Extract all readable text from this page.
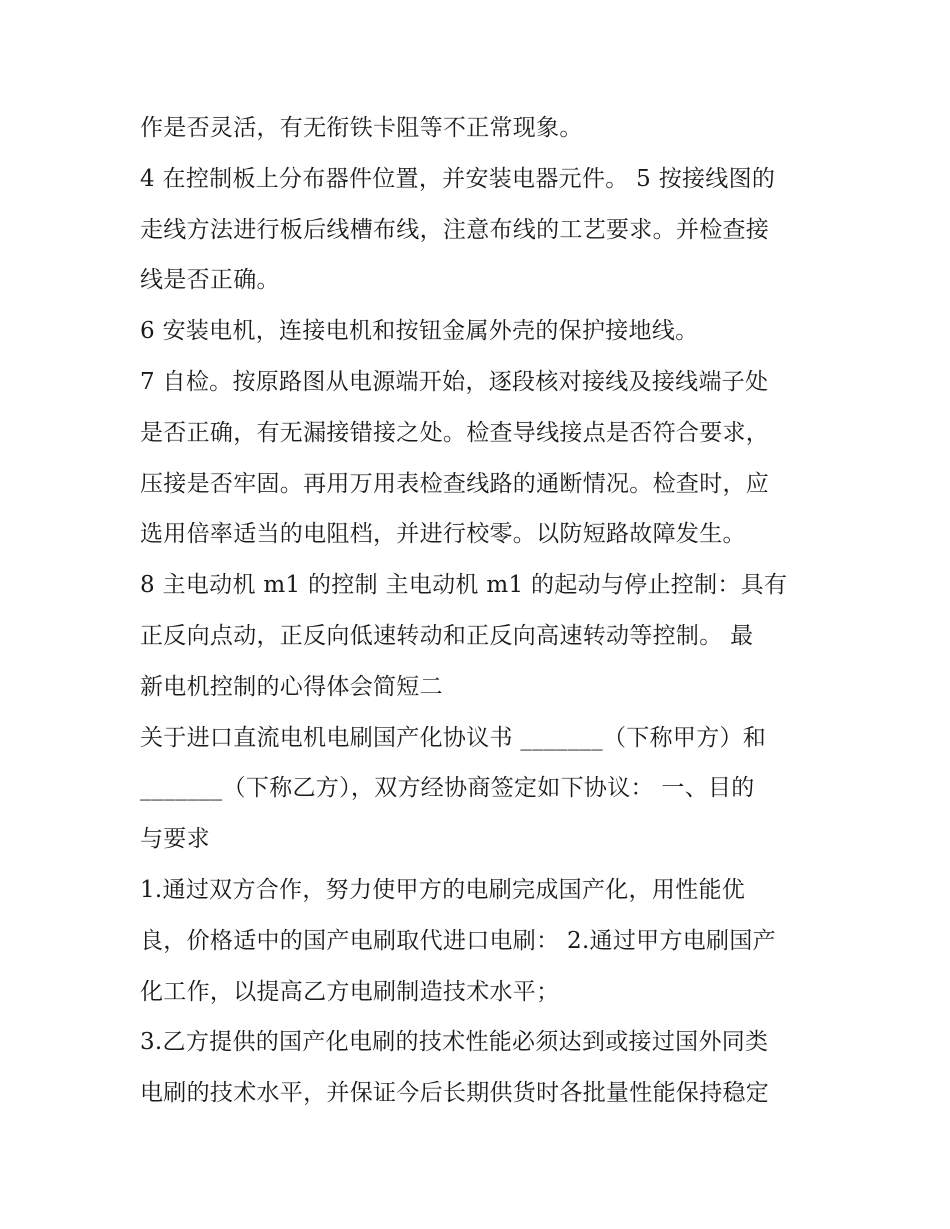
作是否灵活，有无衔铁卡阻等不正常现象。
4 在控制板上分布器件位置，并安装电器元件。 5 按接线图的
走线方法进行板后线槽布线，注意布线的工艺要求。并检查接
线是否正确。
6 安装电机，连接电机和按钮金属外壳的保护接地线。
7 自检。按原路图从电源端开始，逐段核对接线及接线端子处
是否正确，有无漏接错接之处。检查导线接点是否符合要求，
压接是否牢固。再用万用表检查线路的通断情况。检查时，应
选用倍率适当的电阻档，并进行校零。以防短路故障发生。
8 主电动机 m1 的控制 主电动机 m1 的起动与停止控制：具有
正反向点动，正反向低速转动和正反向高速转动等控制。 最
新电机控制的心得体会简短二
关于进口直流电机电刷国产化协议书 _______（下称甲方）和
_______（下称乙方），双方经协商签定如下协议： 一、目的
与要求
1.通过双方合作，努力使甲方的电刷完成国产化，用性能优
良，价格适中的国产电刷取代进口电刷： 2.通过甲方电刷国产
化工作，以提高乙方电刷制造技术水平；
3.乙方提供的国产化电刷的技术性能必须达到或接过国外同类
电刷的技术水平，并保证今后长期供货时各批量性能保持稳定
